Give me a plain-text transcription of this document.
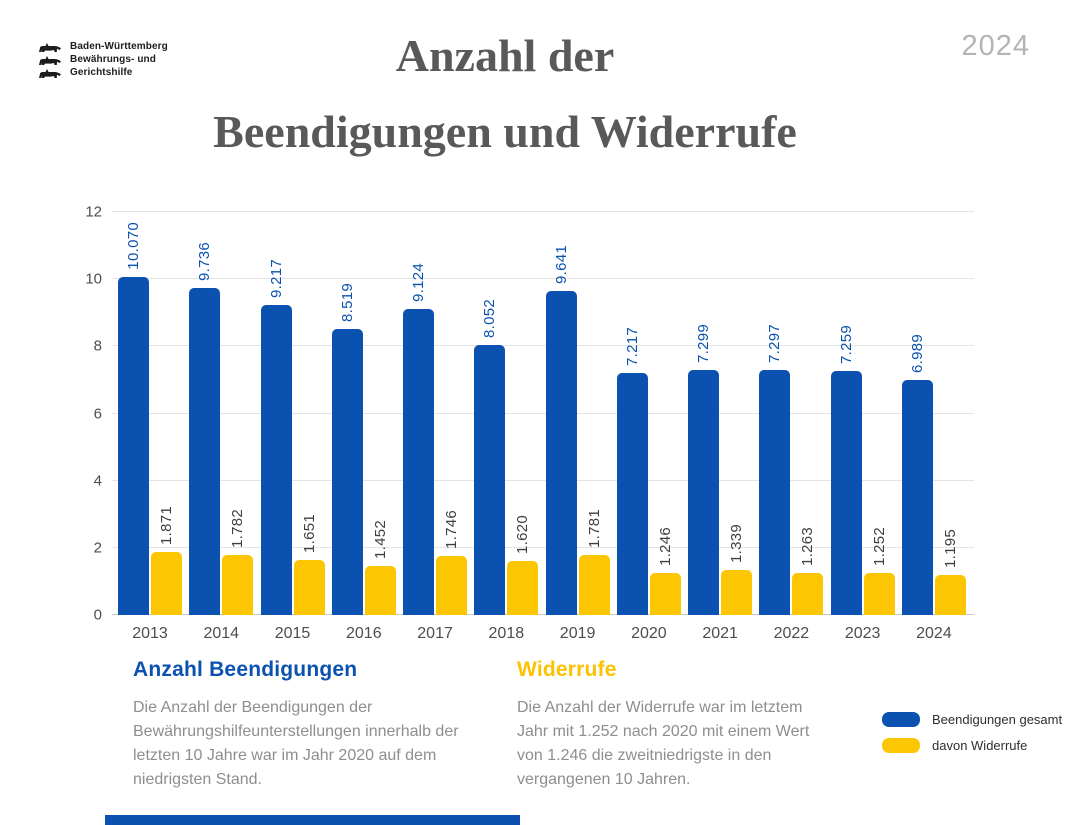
Baden-Württemberg
Bewährungs- und
Gerichtshilfe
2024
Anzahl der
Beendigungen und Widerrufe
0
2
4
6
8
10
12
10.070
1.871
2013
9.736
1.782
2014
9.217
1.651
2015
8.519
1.452
2016
9.124
1.746
2017
8.052
1.620
2018
9.641
1.781
2019
7.217
1.246
2020
7.299
1.339
2021
7.297
1.263
2022
7.259
1.252
2023
6.989
1.195
2024
Anzahl Beendigungen

Die Anzahl der Beendigungen der Bewährungshilfeunterstellungen innerhalb der letzten 10 Jahre war im Jahr 2020 auf dem niedrigsten Stand.

Widerrufe

Die Anzahl der Widerrufe war im letztem Jahr mit 1.252 nach 2020 mit einem Wert von 1.246 die zweitniedrigste in den vergangenen 10 Jahren.

Beendigungen gesamt
davon Widerrufe
